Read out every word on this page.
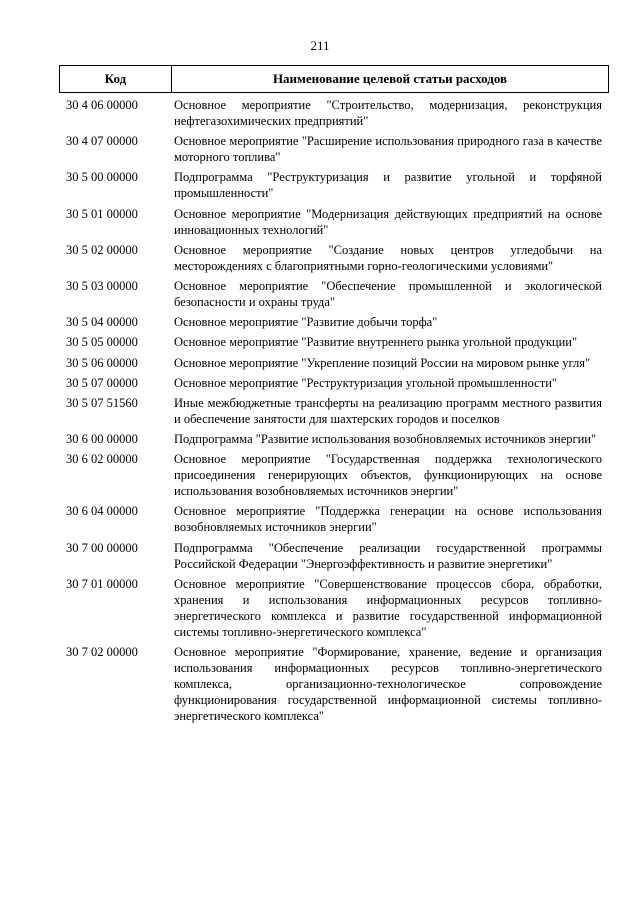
211
Код	Наименование целевой статьи расходов
30 4 06 00000	Основное мероприятие "Строительство, модернизация, реконструкция нефтегазохимических предприятий"
30 4 07 00000	Основное мероприятие "Расширение использования природного газа в качестве моторного топлива"
30 5 00 00000	Подпрограмма "Реструктуризация и развитие угольной и торфяной промышленности"
30 5 01 00000	Основное мероприятие "Модернизация действующих предприятий на основе инновационных технологий"
30 5 02 00000	Основное мероприятие "Создание новых центров угледобычи на месторождениях с благоприятными горно-геологическими условиями"
30 5 03 00000	Основное мероприятие "Обеспечение промышленной и экологической безопасности и охраны труда"
30 5 04 00000	Основное мероприятие "Развитие добычи торфа"
30 5 05 00000	Основное мероприятие "Развитие внутреннего рынка угольной продукции"
30 5 06 00000	Основное мероприятие "Укрепление позиций России на мировом рынке угля"
30 5 07 00000	Основное мероприятие "Реструктуризация угольной промышленности"
30 5 07 51560	Иные межбюджетные трансферты на реализацию программ местного развития и обеспечение занятости для шахтерских городов и поселков
30 6 00 00000	Подпрограмма "Развитие использования возобновляемых источников энергии"
30 6 02 00000	Основное мероприятие "Государственная поддержка технологического присоединения генерирующих объектов, функционирующих на основе использования возобновляемых источников энергии"
30 6 04 00000	Основное мероприятие "Поддержка генерации на основе использования возобновляемых источников энергии"
30 7 00 00000	Подпрограмма "Обеспечение реализации государственной программы Российской Федерации "Энергоэффективность и развитие энергетики"
30 7 01 00000	Основное мероприятие "Совершенствование процессов сбора, обработки, хранения и использования информационных ресурсов топливно-энергетического комплекса и развитие государственной информационной системы топливно-энергетического комплекса"
30 7 02 00000	Основное мероприятие "Формирование, хранение, ведение и организация использования информационных ресурсов топливно-энергетического комплекса, организационно-технологическое сопровождение функционирования государственной информационной системы топливно-энергетического комплекса"
